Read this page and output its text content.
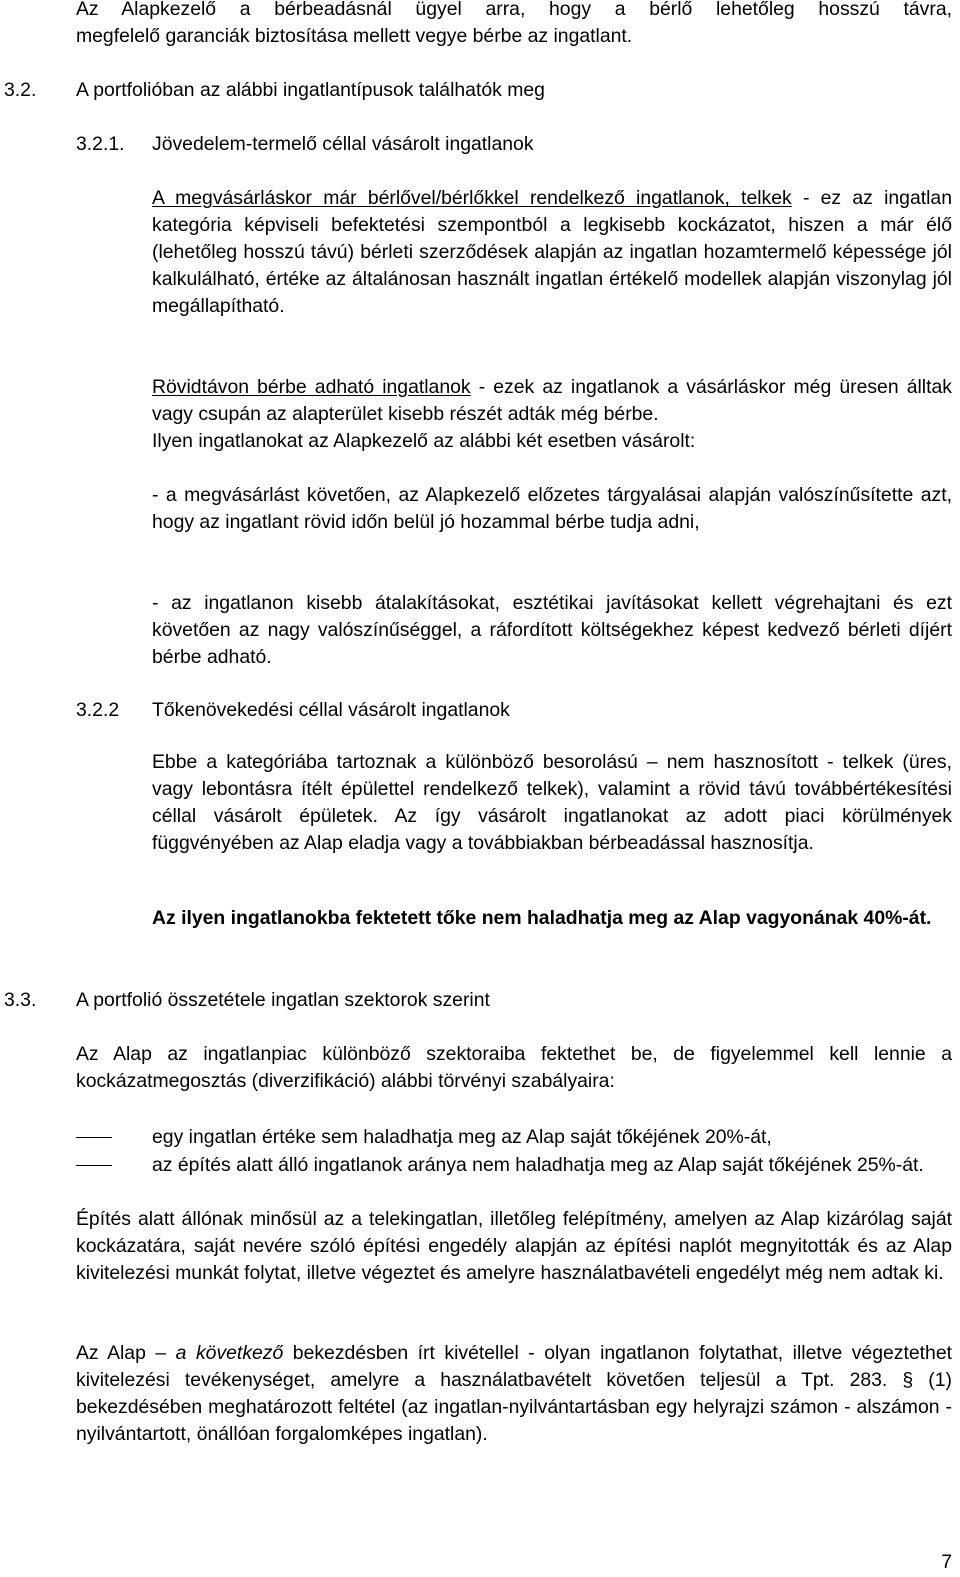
Az Alapkezelő a bérbeadásnál ügyel arra, hogy a bérlő lehetőleg hosszú távra,
megfelelő garanciák biztosítása mellett vegye bérbe az ingatlant.
3.2. A portfolióban az alábbi ingatlantípusok találhatók meg
3.2.1. Jövedelem-termelő céllal vásárolt ingatlanok
A megvásárláskor már bérlővel/bérlőkkel rendelkező ingatlanok, telkek - ez az ingatlan kategória képviseli befektetési szempontból a legkisebb kockázatot, hiszen a már élő (lehetőleg hosszú távú) bérleti szerződések alapján az ingatlan hozamtermelő képessége jól kalkulálható, értéke az általánosan használt ingatlan értékelő modellek alapján viszonylag jól megállapítható.
Rövidtávon bérbe adható ingatlanok - ezek az ingatlanok a vásárláskor még üresen álltak vagy csupán az alapterület kisebb részét adták még bérbe.
Ilyen ingatlanokat az Alapkezelő az alábbi két esetben vásárolt:
- a megvásárlást követően, az Alapkezelő előzetes tárgyalásai alapján valószínűsítette azt, hogy az ingatlant rövid időn belül jó hozammal bérbe tudja adni,
- az ingatlanon kisebb átalakításokat, esztétikai javításokat kellett végrehajtani és ezt követően az nagy valószínűséggel, a ráfordított költségekhez képest kedvező bérleti díjért bérbe adható.
3.2.2 Tőkenövekedési céllal vásárolt ingatlanok
Ebbe a kategóriába tartoznak a különböző besorolású – nem hasznosított - telkek (üres, vagy lebontásra ítélt épülettel rendelkező telkek), valamint a rövid távú továbbértékesítési céllal vásárolt épületek. Az így vásárolt ingatlanokat az adott piaci körülmények függvényében az Alap eladja vagy a továbbiakban bérbeadással hasznosítja.
Az ilyen ingatlanokba fektetett tőke nem haladhatja meg az Alap vagyonának 40%-át.
3.3. A portfolió összetétele ingatlan szektorok szerint
Az Alap az ingatlanpiac különböző szektoraiba fektethet be, de figyelemmel kell lennie a kockázatmegosztás (diverzifikáció) alábbi törvényi szabályaira:
egy ingatlan értéke sem haladhatja meg az Alap saját tőkéjének 20%-át,
az építés alatt álló ingatlanok aránya nem haladhatja meg az Alap saját tőkéjének 25%-át.
Építés alatt állónak minősül az a telekingatlan, illetőleg felépítmény, amelyen az Alap kizárólag saját kockázatára, saját nevére szóló építési engedély alapján az építési naplót megnyitották és az Alap kivitelezési munkát folytat, illetve végeztet és amelyre használatbavételi engedélyt még nem adtak ki.
Az Alap – a következő bekezdésben írt kivétellel - olyan ingatlanon folytathat, illetve végeztethet kivitelezési tevékenységet, amelyre a használatbavételt követően teljesül a Tpt. 283. § (1) bekezdésében meghatározott feltétel (az ingatlan-nyilvántartásban egy helyrajzi számon - alszámon - nyilvántartott, önállóan forgalomképes ingatlan).
7
